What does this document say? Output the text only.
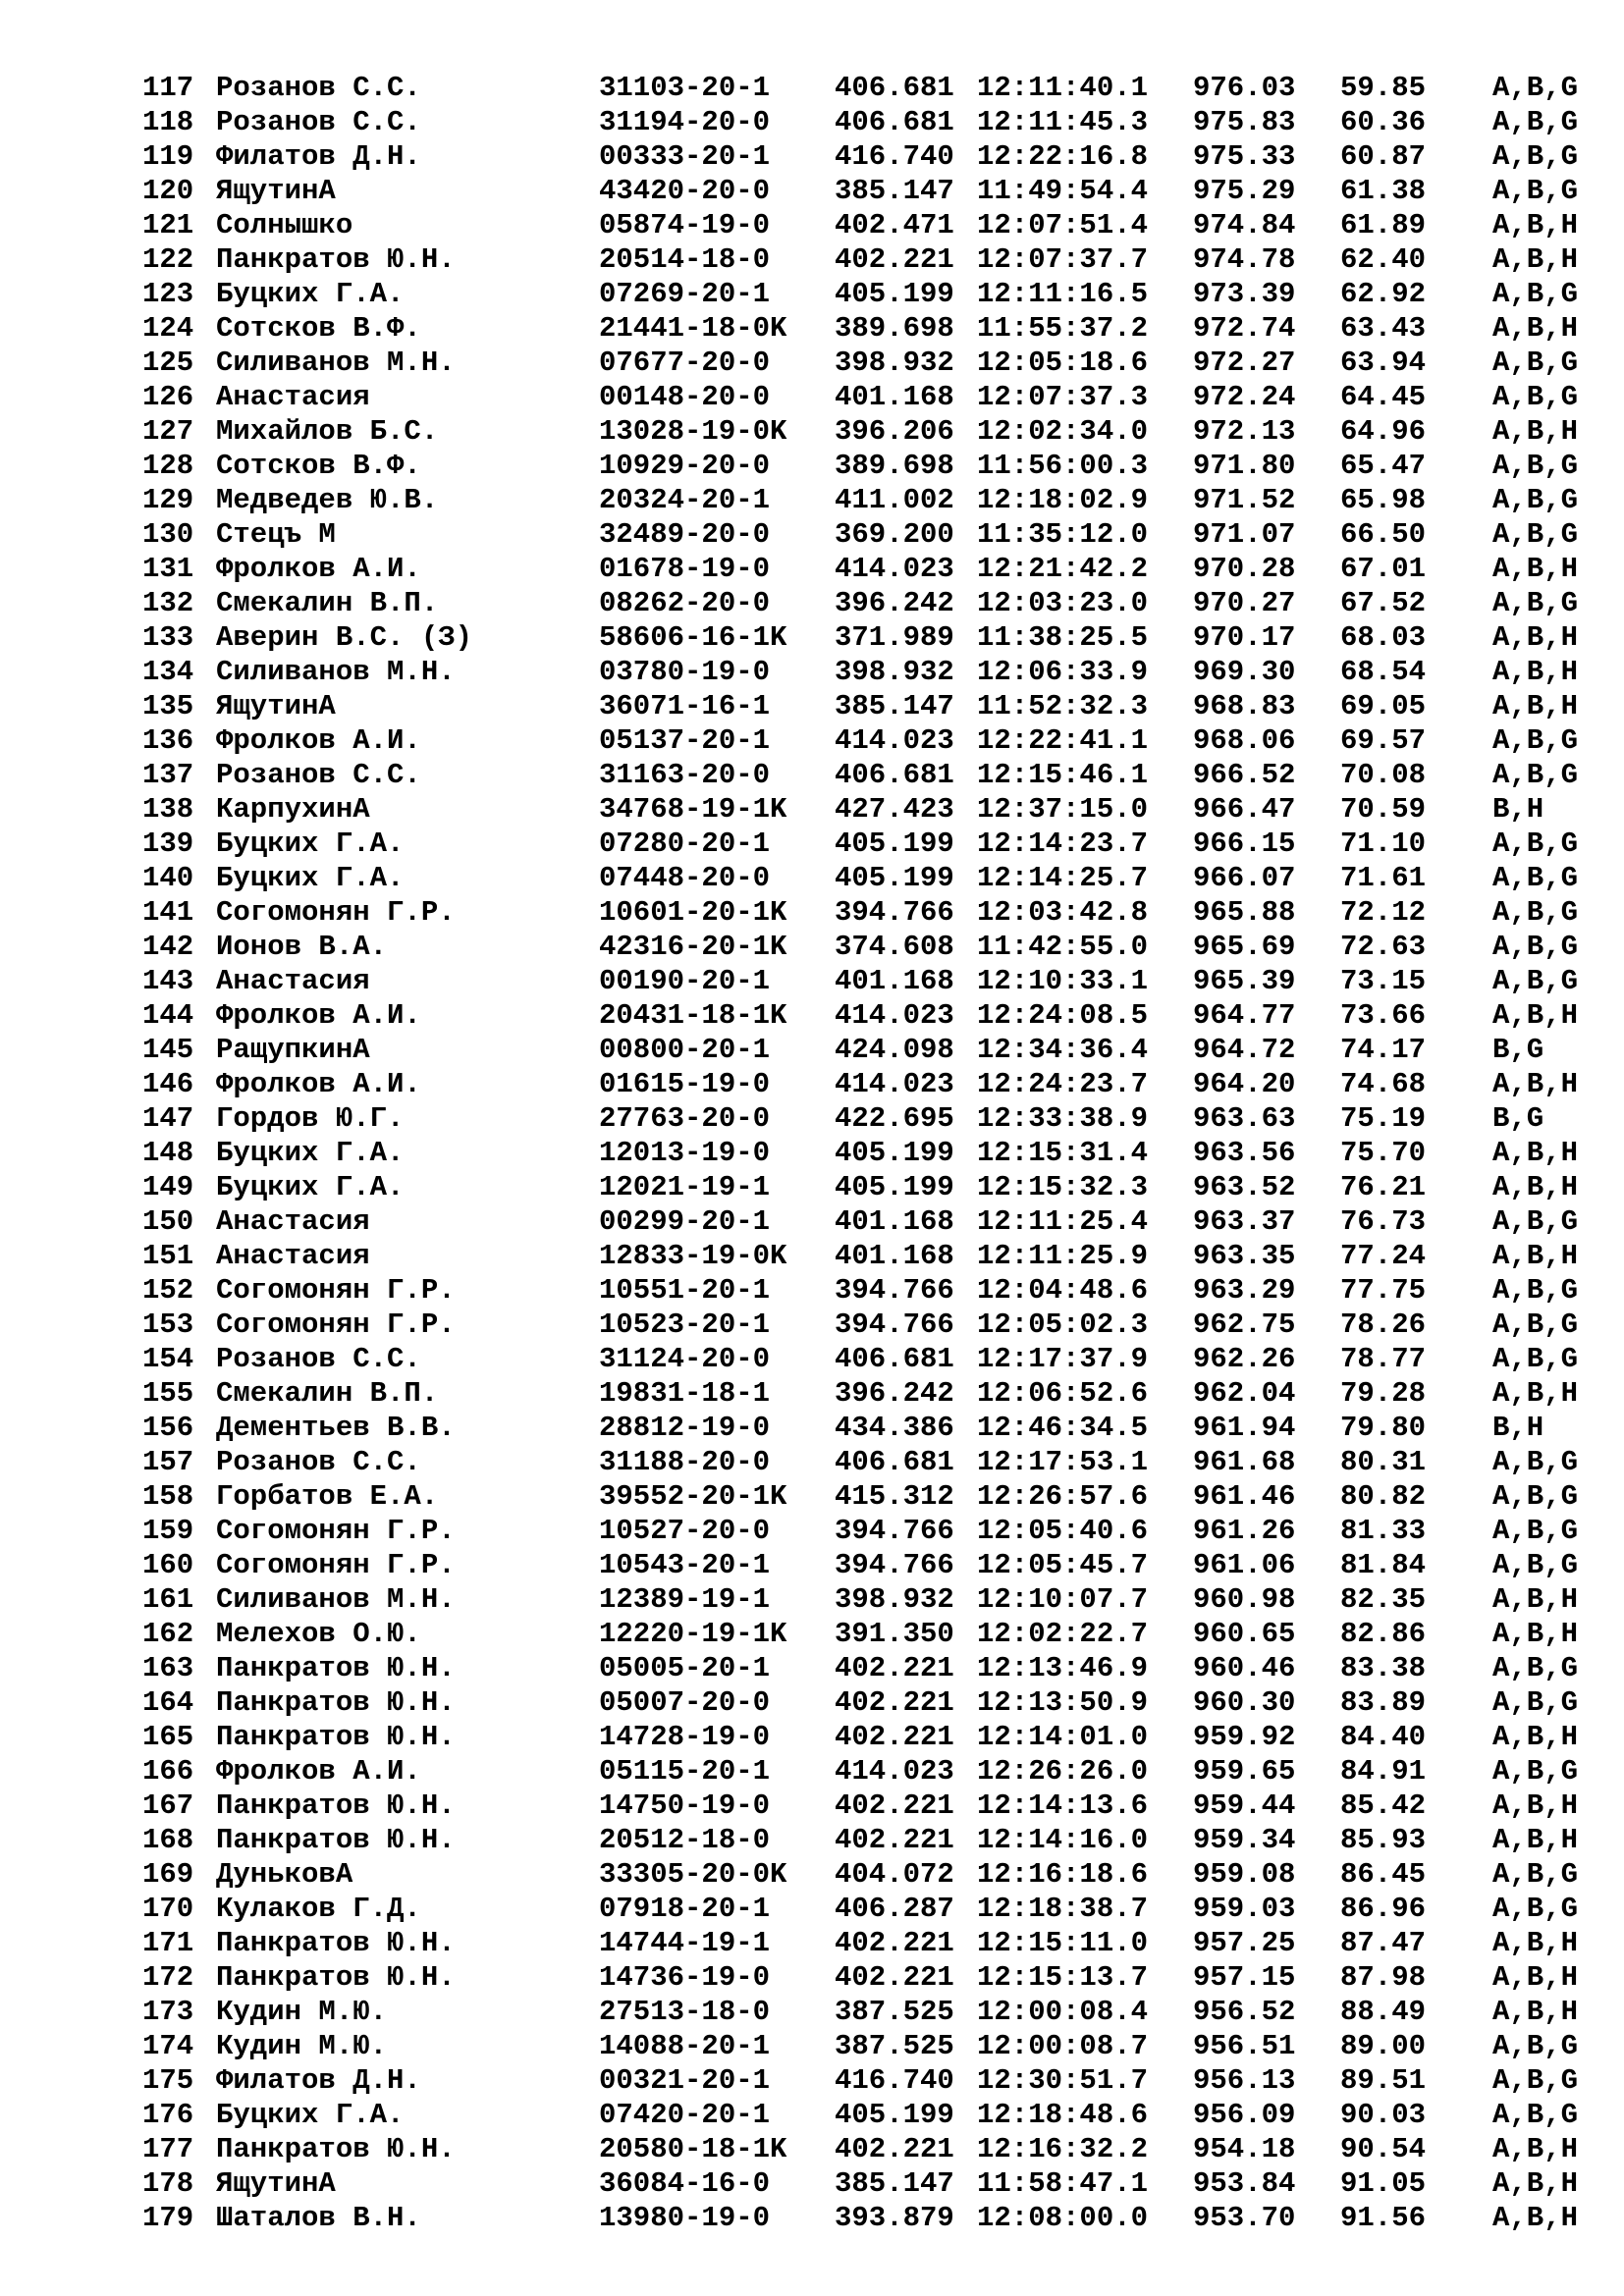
117 Розанов С.С.	31103-20-1 406.681 12:11:40.1 976.03 59.85 A,B,G
118 Розанов С.С.	31194-20-0 406.681 12:11:45.3 975.83 60.36 A,B,G
119 Филатов Д.Н.	00333-20-1 416.740 12:22:16.8 975.33 60.87 A,B,G
120 ЯщутинА	43420-20-0 385.147 11:49:54.4 975.29 61.38 A,B,G
121 Солнышко	05874-19-0 402.471 12:07:51.4 974.84 61.89 A,B,H
122 Панкратов Ю.Н.	20514-18-0 402.221 12:07:37.7 974.78 62.40 A,B,H
123 Буцких Г.А.	07269-20-1 405.199 12:11:16.5 973.39 62.92 A,B,G
124 Сотсков В.Ф.	21441-18-0K 389.698 11:55:37.2 972.74 63.43 A,B,H
125 Силиванов М.Н.	07677-20-0 398.932 12:05:18.6 972.27 63.94 A,B,G
126 Анастасия	00148-20-0 401.168 12:07:37.3 972.24 64.45 A,B,G
127 Михайлов Б.С.	13028-19-0K 396.206 12:02:34.0 972.13 64.96 A,B,H
128 Сотсков В.Ф.	10929-20-0 389.698 11:56:00.3 971.80 65.47 A,B,G
129 Медведев Ю.В.	20324-20-1 411.002 12:18:02.9 971.52 65.98 A,B,G
130 Стецъ М	32489-20-0 369.200 11:35:12.0 971.07 66.50 A,B,G
131 Фролков А.И.	01678-19-0 414.023 12:21:42.2 970.28 67.01 A,B,H
132 Смекалин В.П.	08262-20-0 396.242 12:03:23.0 970.27 67.52 A,B,G
133 Аверин В.С. (З)	58606-16-1K 371.989 11:38:25.5 970.17 68.03 A,B,H
134 Силиванов М.Н.	03780-19-0 398.932 12:06:33.9 969.30 68.54 A,B,H
135 ЯщутинА	36071-16-1 385.147 11:52:32.3 968.83 69.05 A,B,H
136 Фролков А.И.	05137-20-1 414.023 12:22:41.1 968.06 69.57 A,B,G
137 Розанов С.С.	31163-20-0 406.681 12:15:46.1 966.52 70.08 A,B,G
138 КарпухинА	34768-19-1K 427.423 12:37:15.0 966.47 70.59 B,H
139 Буцких Г.А.	07280-20-1 405.199 12:14:23.7 966.15 71.10 A,B,G
140 Буцких Г.А.	07448-20-0 405.199 12:14:25.7 966.07 71.61 A,B,G
141 Согомонян Г.Р.	10601-20-1K 394.766 12:03:42.8 965.88 72.12 A,B,G
142 Ионов В.А.	42316-20-1K 374.608 11:42:55.0 965.69 72.63 A,B,G
143 Анастасия	00190-20-1 401.168 12:10:33.1 965.39 73.15 A,B,G
144 Фролков А.И.	20431-18-1K 414.023 12:24:08.5 964.77 73.66 A,B,H
145 РащупкинА	00800-20-1 424.098 12:34:36.4 964.72 74.17 B,G
146 Фролков А.И.	01615-19-0 414.023 12:24:23.7 964.20 74.68 A,B,H
147 Гордов Ю.Г.	27763-20-0 422.695 12:33:38.9 963.63 75.19 B,G
148 Буцких Г.А.	12013-19-0 405.199 12:15:31.4 963.56 75.70 A,B,H
149 Буцких Г.А.	12021-19-1 405.199 12:15:32.3 963.52 76.21 A,B,H
150 Анастасия	00299-20-1 401.168 12:11:25.4 963.37 76.73 A,B,G
151 Анастасия	12833-19-0K 401.168 12:11:25.9 963.35 77.24 A,B,H
152 Согомонян Г.Р.	10551-20-1 394.766 12:04:48.6 963.29 77.75 A,B,G
153 Согомонян Г.Р.	10523-20-1 394.766 12:05:02.3 962.75 78.26 A,B,G
154 Розанов С.С.	31124-20-0 406.681 12:17:37.9 962.26 78.77 A,B,G
155 Смекалин В.П.	19831-18-1 396.242 12:06:52.6 962.04 79.28 A,B,H
156 Дементьев В.В.	28812-19-0 434.386 12:46:34.5 961.94 79.80 B,H
157 Розанов С.С.	31188-20-0 406.681 12:17:53.1 961.68 80.31 A,B,G
158 Горбатов Е.А.	39552-20-1K 415.312 12:26:57.6 961.46 80.82 A,B,G
159 Согомонян Г.Р.	10527-20-0 394.766 12:05:40.6 961.26 81.33 A,B,G
160 Согомонян Г.Р.	10543-20-1 394.766 12:05:45.7 961.06 81.84 A,B,G
161 Силиванов М.Н.	12389-19-1 398.932 12:10:07.7 960.98 82.35 A,B,H
162 Мелехов О.Ю.	12220-19-1K 391.350 12:02:22.7 960.65 82.86 A,B,H
163 Панкратов Ю.Н.	05005-20-1 402.221 12:13:46.9 960.46 83.38 A,B,G
164 Панкратов Ю.Н.	05007-20-0 402.221 12:13:50.9 960.30 83.89 A,B,G
165 Панкратов Ю.Н.	14728-19-0 402.221 12:14:01.0 959.92 84.40 A,B,H
166 Фролков А.И.	05115-20-1 414.023 12:26:26.0 959.65 84.91 A,B,G
167 Панкратов Ю.Н.	14750-19-0 402.221 12:14:13.6 959.44 85.42 A,B,H
168 Панкратов Ю.Н.	20512-18-0 402.221 12:14:16.0 959.34 85.93 A,B,H
169 ДуньковА	33305-20-0K 404.072 12:16:18.6 959.08 86.45 A,B,G
170 Кулаков Г.Д.	07918-20-1 406.287 12:18:38.7 959.03 86.96 A,B,G
171 Панкратов Ю.Н.	14744-19-1 402.221 12:15:11.0 957.25 87.47 A,B,H
172 Панкратов Ю.Н.	14736-19-0 402.221 12:15:13.7 957.15 87.98 A,B,H
173 Кудин М.Ю.	27513-18-0 387.525 12:00:08.4 956.52 88.49 A,B,H
174 Кудин М.Ю.	14088-20-1 387.525 12:00:08.7 956.51 89.00 A,B,G
175 Филатов Д.Н.	00321-20-1 416.740 12:30:51.7 956.13 89.51 A,B,G
176 Буцких Г.А.	07420-20-1 405.199 12:18:48.6 956.09 90.03 A,B,G
177 Панкратов Ю.Н.	20580-18-1K 402.221 12:16:32.2 954.18 90.54 A,B,H
178 ЯщутинА	36084-16-0 385.147 11:58:47.1 953.84 91.05 A,B,H
179 Шаталов В.Н.	13980-19-0 393.879 12:08:00.0 953.70 91.56 A,B,H
